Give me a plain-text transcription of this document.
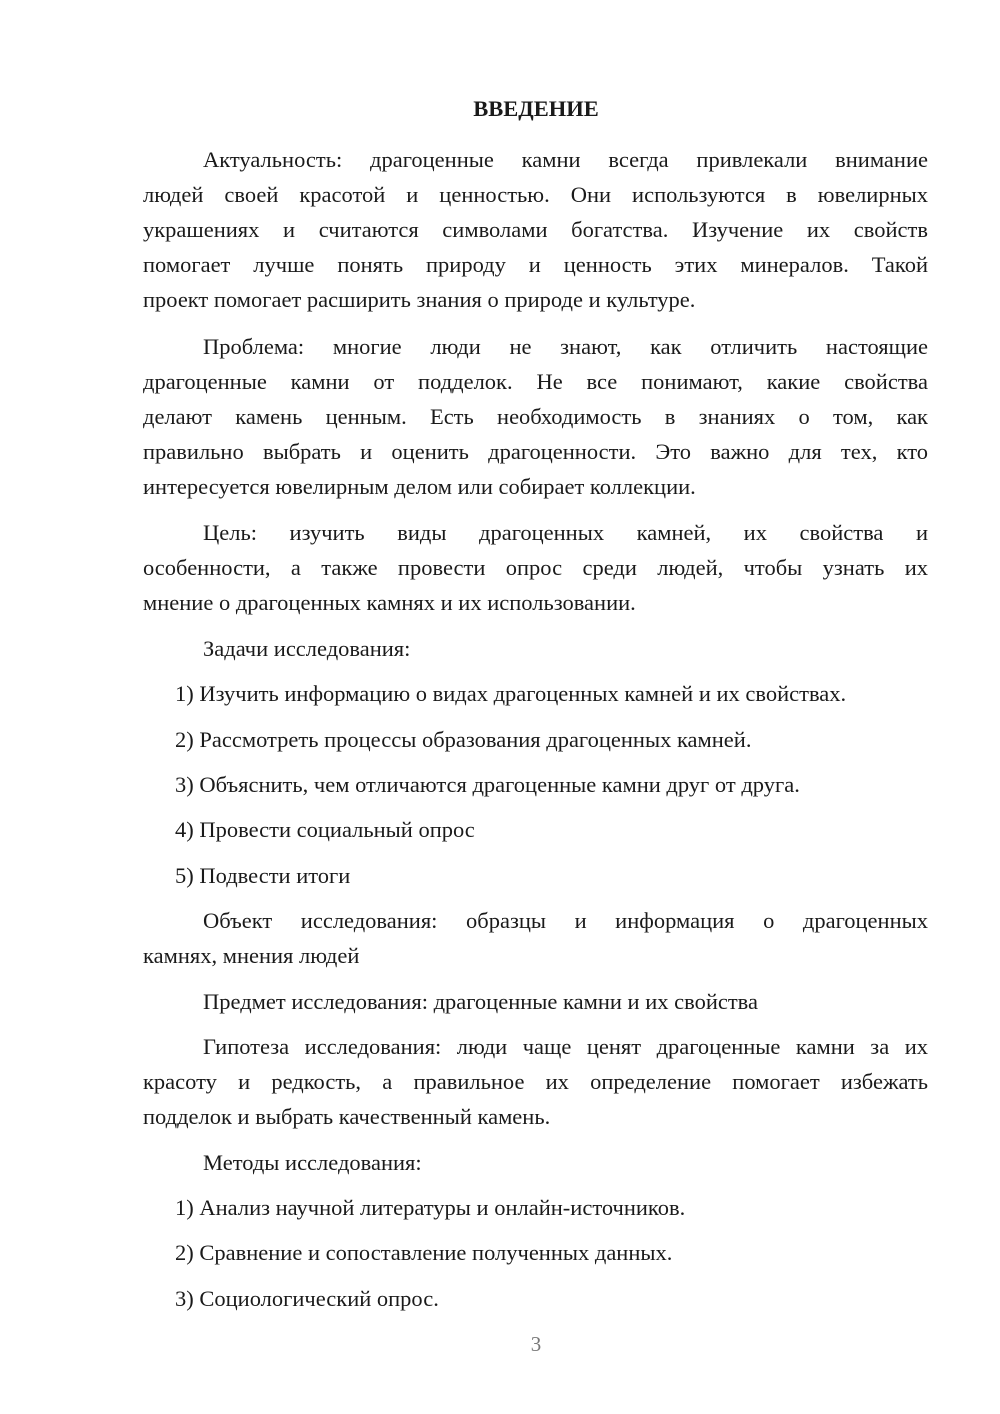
ВВЕДЕНИЕ
Актуальность: драгоценные камни всегда привлекали внимание
людей своей красотой и ценностью. Они используются в ювелирных
украшениях и считаются символами богатства. Изучение их свойств
помогает лучше понять природу и ценность этих минералов. Такой
проект помогает расширить знания о природе и культуре.
Проблема: многие люди не знают, как отличить настоящие
драгоценные камни от подделок. Не все понимают, какие свойства
делают камень ценным. Есть необходимость в знаниях о том, как
правильно выбрать и оценить драгоценности. Это важно для тех, кто
интересуется ювелирным делом или собирает коллекции.
Цель: изучить виды драгоценных камней, их свойства и
особенности, а также провести опрос среди людей, чтобы узнать их
мнение о драгоценных камнях и их использовании.
Задачи исследования:
1) Изучить информацию о видах драгоценных камней и их свойствах.
2) Рассмотреть процессы образования драгоценных камней.
3) Объяснить, чем отличаются драгоценные камни друг от друга.
4) Провести социальный опрос
5) Подвести итоги
Объект исследования: образцы и информация о драгоценных
камнях, мнения людей
Предмет исследования: драгоценные камни и их свойства
Гипотеза исследования: люди чаще ценят драгоценные камни за их
красоту и редкость, а правильное их определение помогает избежать
подделок и выбрать качественный камень.
Методы исследования:
1) Анализ научной литературы и онлайн-источников.
2) Сравнение и сопоставление полученных данных.
3) Социологический опрос.
3
